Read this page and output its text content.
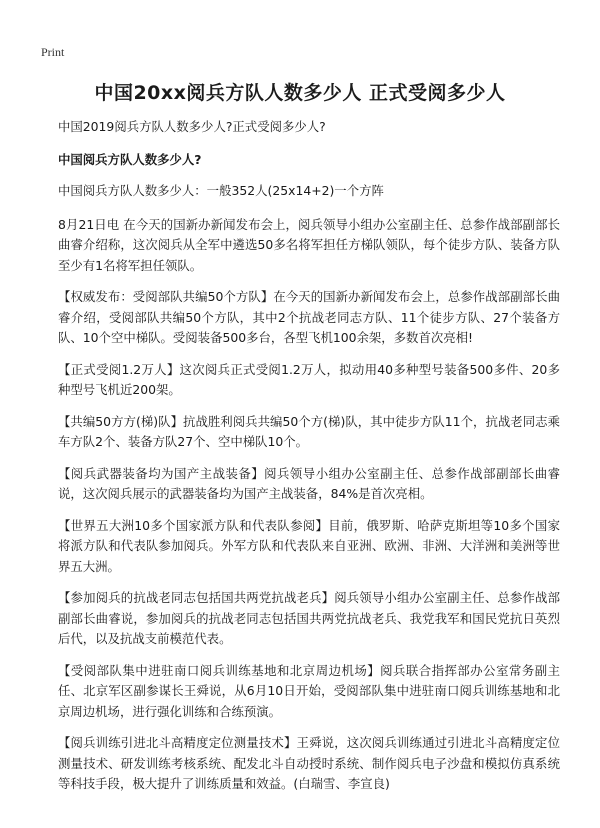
Print
中国20xx阅兵方队人数多少人 正式受阅多少人

中国2019阅兵方队人数多少人?正式受阅多少人?

中国阅兵方队人数多少人?

中国阅兵方队人数多少人：一般352人(25x14+2)一个方阵

8月21日电 在今天的国新办新闻发布会上，阅兵领导小组办公室副主任、总参作战部副部长曲睿介绍称，这次阅兵从全军中遴选50多名将军担任方梯队领队，每个徒步方队、装备方队至少有1名将军担任领队。

【权威发布：受阅部队共编50个方队】在今天的国新办新闻发布会上，总参作战部副部长曲睿介绍，受阅部队共编50个方队，其中2个抗战老同志方队、11个徒步方队、27个装备方队、10个空中梯队。受阅装备500多台，各型飞机100余架，多数首次亮相!

【正式受阅1.2万人】这次阅兵正式受阅1.2万人，拟动用40多种型号装备500多件、20多种型号飞机近200架。

【共编50方方(梯)队】抗战胜利阅兵共编50个方(梯)队，其中徒步方队11个，抗战老同志乘车方队2个、装备方队27个、空中梯队10个。

【阅兵武器装备均为国产主战装备】阅兵领导小组办公室副主任、总参作战部副部长曲睿说，这次阅兵展示的武器装备均为国产主战装备，84%是首次亮相。

【世界五大洲10多个国家派方队和代表队参阅】目前，俄罗斯、哈萨克斯坦等10多个国家将派方队和代表队参加阅兵。外军方队和代表队来自亚洲、欧洲、非洲、大洋洲和美洲等世界五大洲。

【参加阅兵的抗战老同志包括国共两党抗战老兵】阅兵领导小组办公室副主任、总参作战部副部长曲睿说，参加阅兵的抗战老同志包括国共两党抗战老兵、我党我军和国民党抗日英烈后代，以及抗战支前模范代表。

【受阅部队集中进驻南口阅兵训练基地和北京周边机场】阅兵联合指挥部办公室常务副主任、北京军区副参谋长王舜说，从6月10日开始，受阅部队集中进驻南口阅兵训练基地和北京周边机场，进行强化训练和合练预演。

【阅兵训练引进北斗高精度定位测量技术】王舜说，这次阅兵训练通过引进北斗高精度定位测量技术、研发训练考核系统、配发北斗自动授时系统、制作阅兵电子沙盘和模拟仿真系统等科技手段，极大提升了训练质量和效益。(白瑞雪、李宣良)
